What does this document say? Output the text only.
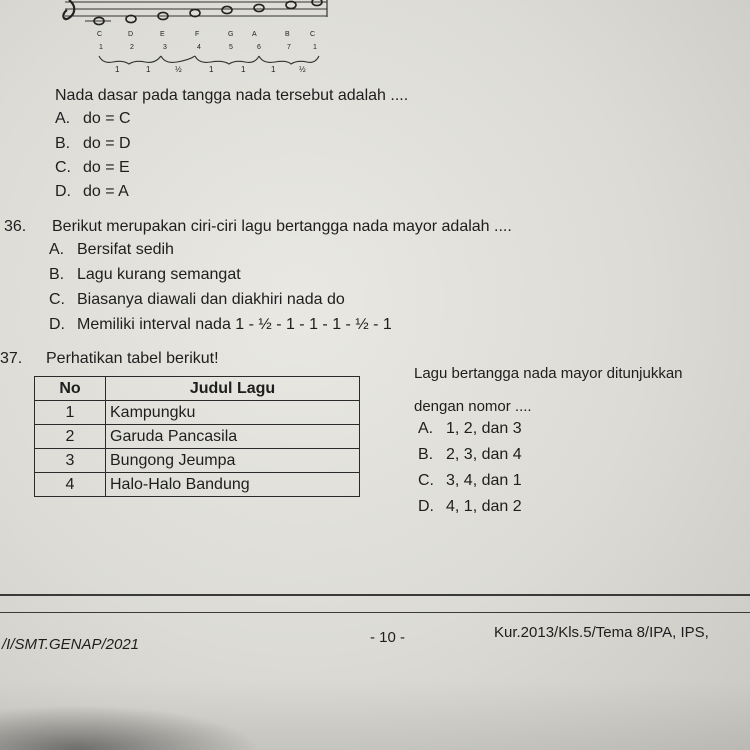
C	D	E	F	G	A	B	C
1	2	3	4	5	6	7	1
1	1	½	1	1	1	½
Nada dasar pada tangga nada tersebut adalah ....
A. do = C
B. do = D
C. do = E
D. do = A
36. Berikut merupakan ciri-ciri lagu bertangga nada mayor adalah ....
A. Bersifat sedih
B. Lagu kurang semangat
C. Biasanya diawali dan diakhiri nada do
D. Memiliki interval nada 1 - ½ - 1 - 1 - 1 - ½ - 1
37. Perhatikan tabel berikut!
No	Judul Lagu
1	Kampungku
2	Garuda Pancasila
3	Bungong Jeumpa
4	Halo-Halo Bandung
Lagu bertangga nada mayor ditunjukkan
dengan nomor ....
A. 1, 2, dan 3
B. 2, 3, dan 4
C. 3, 4, dan 1
D. 4, 1, dan 2
/I/SMT.GENAP/2021	- 10 -	Kur.2013/Kls.5/Tema 8/IPA, IPS,
